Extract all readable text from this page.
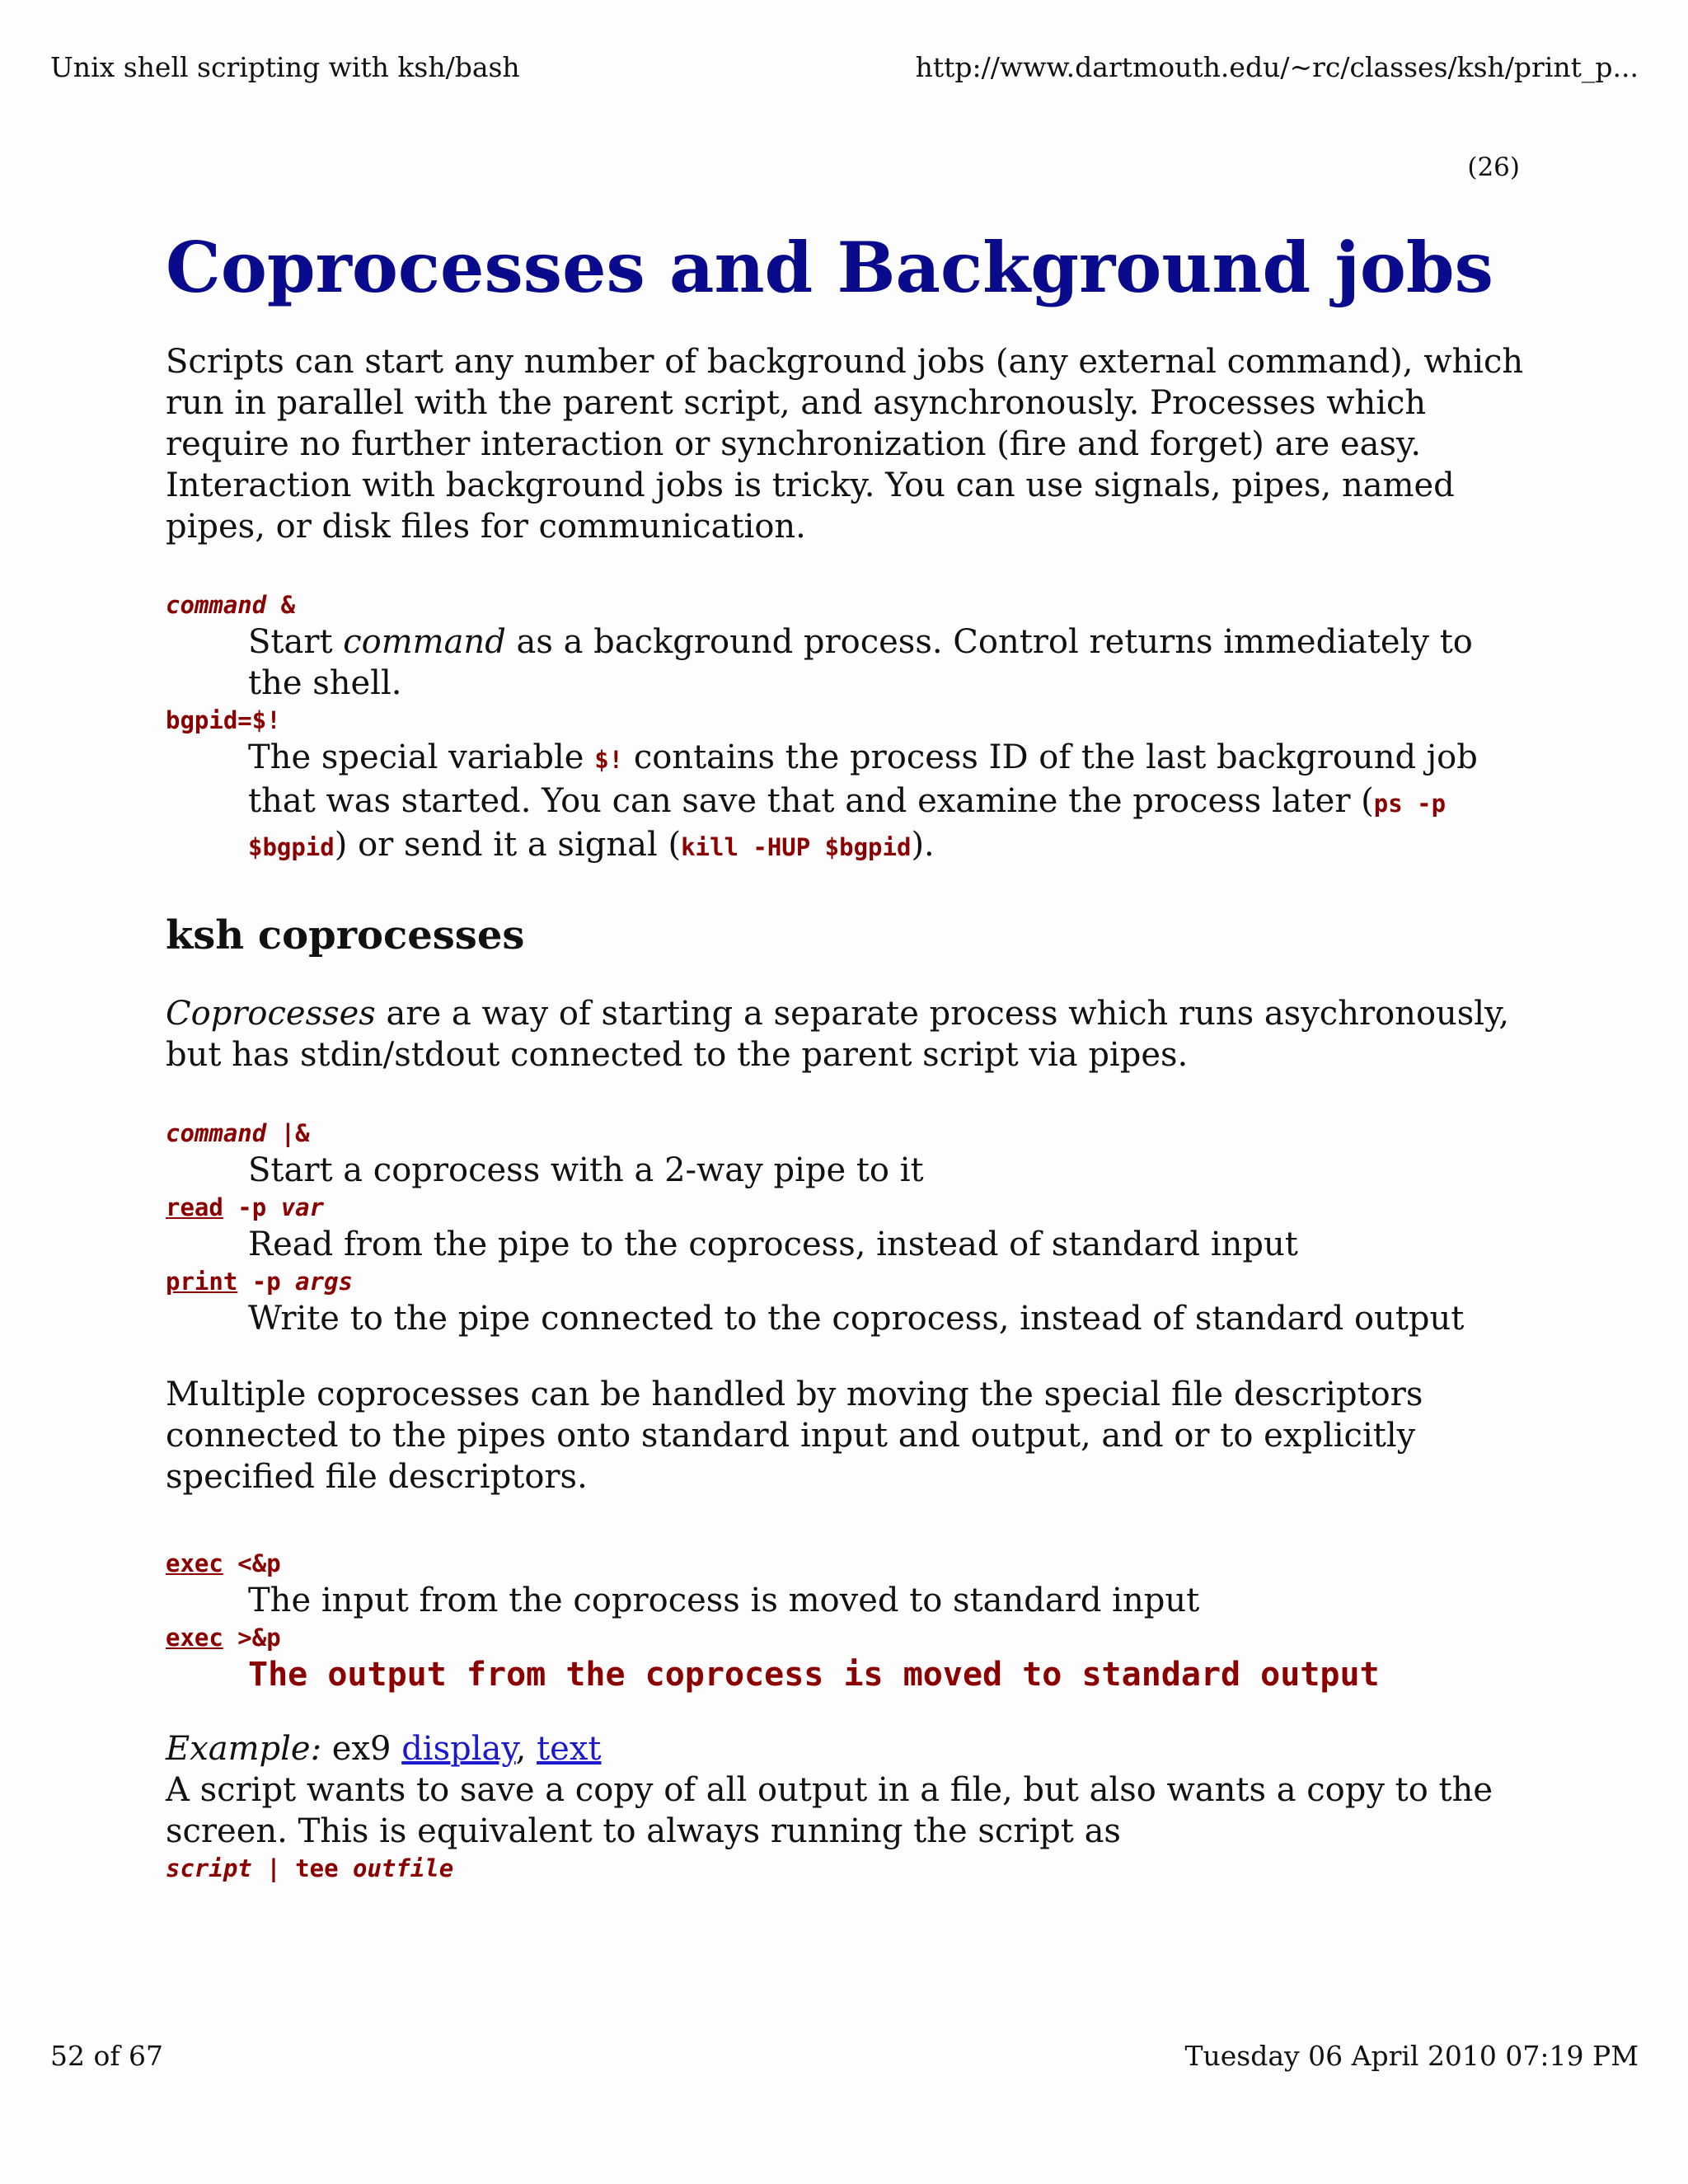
Unix shell scripting with ksh/bash	http://www.dartmouth.edu/~rc/classes/ksh/print_p...
(26)
Coprocesses and Background jobs

Scripts can start any number of background jobs (any external command), which run in parallel with the parent script, and asynchronously. Processes which require no further interaction or synchronization (fire and forget) are easy. Interaction with background jobs is tricky. You can use signals, pipes, named pipes, or disk files for communication.

command &

Start command as a background process. Control returns immediately to the shell.

bgpid=$!

The special variable $! contains the process ID of the last background job that was started. You can save that and examine the process later (ps -p $bgpid) or send it a signal (kill -HUP $bgpid).

ksh coprocesses

Coprocesses are a way of starting a separate process which runs asychronously, but has stdin/stdout connected to the parent script via pipes.

command |&

Start a coprocess with a 2-way pipe to it

read -p var

Read from the pipe to the coprocess, instead of standard input

print -p args

Write to the pipe connected to the coprocess, instead of standard output

Multiple coprocesses can be handled by moving the special file descriptors connected to the pipes onto standard input and output, and or to explicitly specified file descriptors.

exec <&p

The input from the coprocess is moved to standard input

exec >&p

The output from the coprocess is moved to standard output

Example: ex9 display, text

A script wants to save a copy of all output in a file, but also wants a copy to the screen. This is equivalent to always running the script as

script | tee outfile
52 of 67	Tuesday 06 April 2010 07:19 PM
